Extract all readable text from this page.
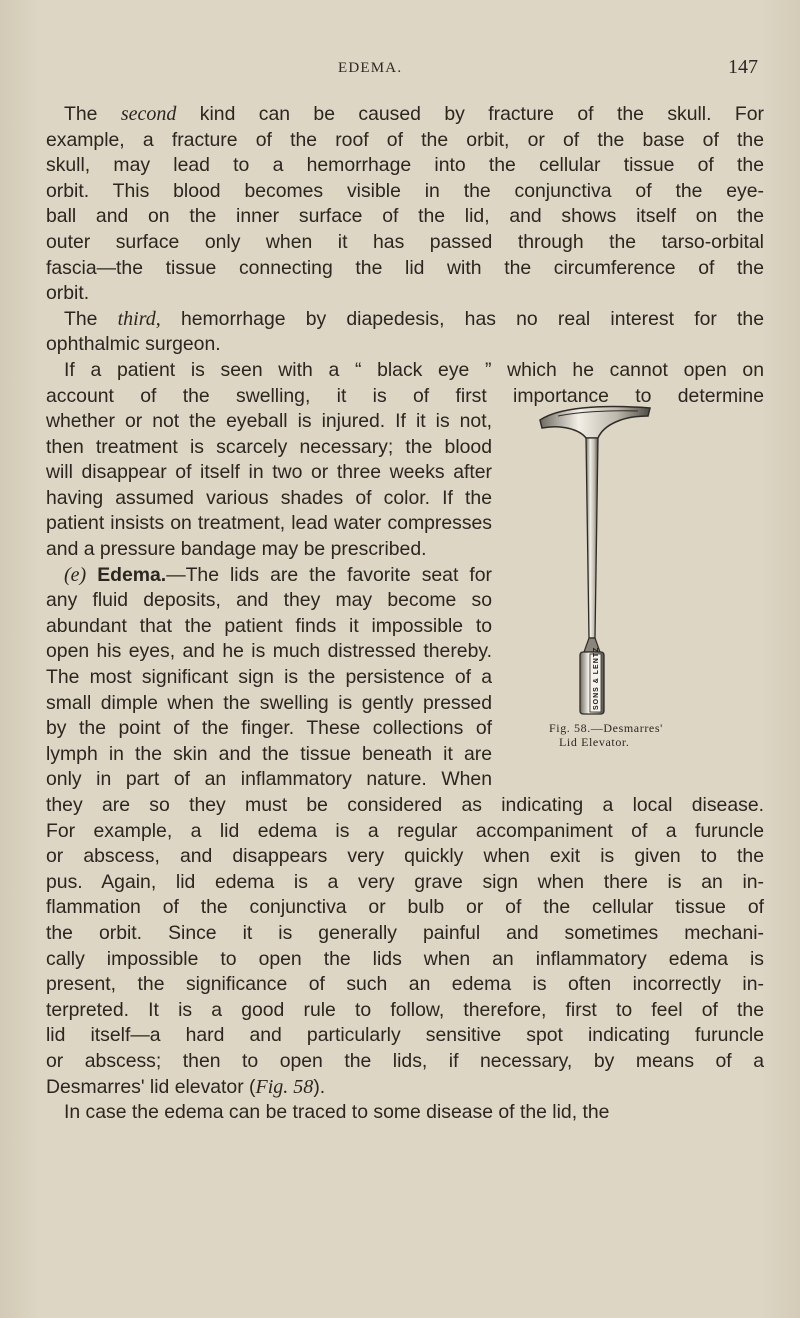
EDEMA.	147
The second kind can be caused by fracture of the skull. For
example, a fracture of the roof of the orbit, or of the base of the
skull, may lead to a hemorrhage into the cellular tissue of the
orbit. This blood becomes visible in the conjunctiva of the eye-
ball and on the inner surface of the lid, and shows itself on the
outer surface only when it has passed through the tarso-orbital
fascia—the tissue connecting the lid with the circumference of the
orbit.
The third, hemorrhage by diapedesis, has no real interest for the
ophthalmic surgeon.
If a patient is seen with a “ black eye ” which he cannot open on
account of the swelling, it is of first importance to determine
whether or not the eyeball is injured. If it is not,
then treatment is scarcely necessary; the blood
will disappear of itself in two or three weeks after
having assumed various shades of color. If the
patient insists on treatment, lead water compresses
and a pressure bandage may be prescribed.
(e) Edema.—The lids are the favorite seat for
any fluid deposits, and they may become so
abundant that the patient finds it impossible to
open his eyes, and he is much distressed thereby.
The most significant sign is the persistence of a
small dimple when the swelling is gently pressed
by the point of the finger. These collections of
lymph in the skin and the tissue beneath it are
only in part of an inflammatory nature. When
they are so they must be considered as indicating a local disease.
For example, a lid edema is a regular accompaniment of a furuncle
or abscess, and disappears very quickly when exit is given to the
pus. Again, lid edema is a very grave sign when there is an in-
flammation of the conjunctiva or bulb or of the cellular tissue of
the orbit. Since it is generally painful and sometimes mechani-
cally impossible to open the lids when an inflammatory edema is
present, the significance of such an edema is often incorrectly in-
terpreted. It is a good rule to follow, therefore, first to feel of the
lid itself—a hard and particularly sensitive spot indicating furuncle
or abscess; then to open the lids, if necessary, by means of a
Desmarres' lid elevator (Fig. 58).
In case the edema can be traced to some disease of the lid, the
SONS & LENTZ
Fig. 58.—Desmarres'
Lid Elevator.
